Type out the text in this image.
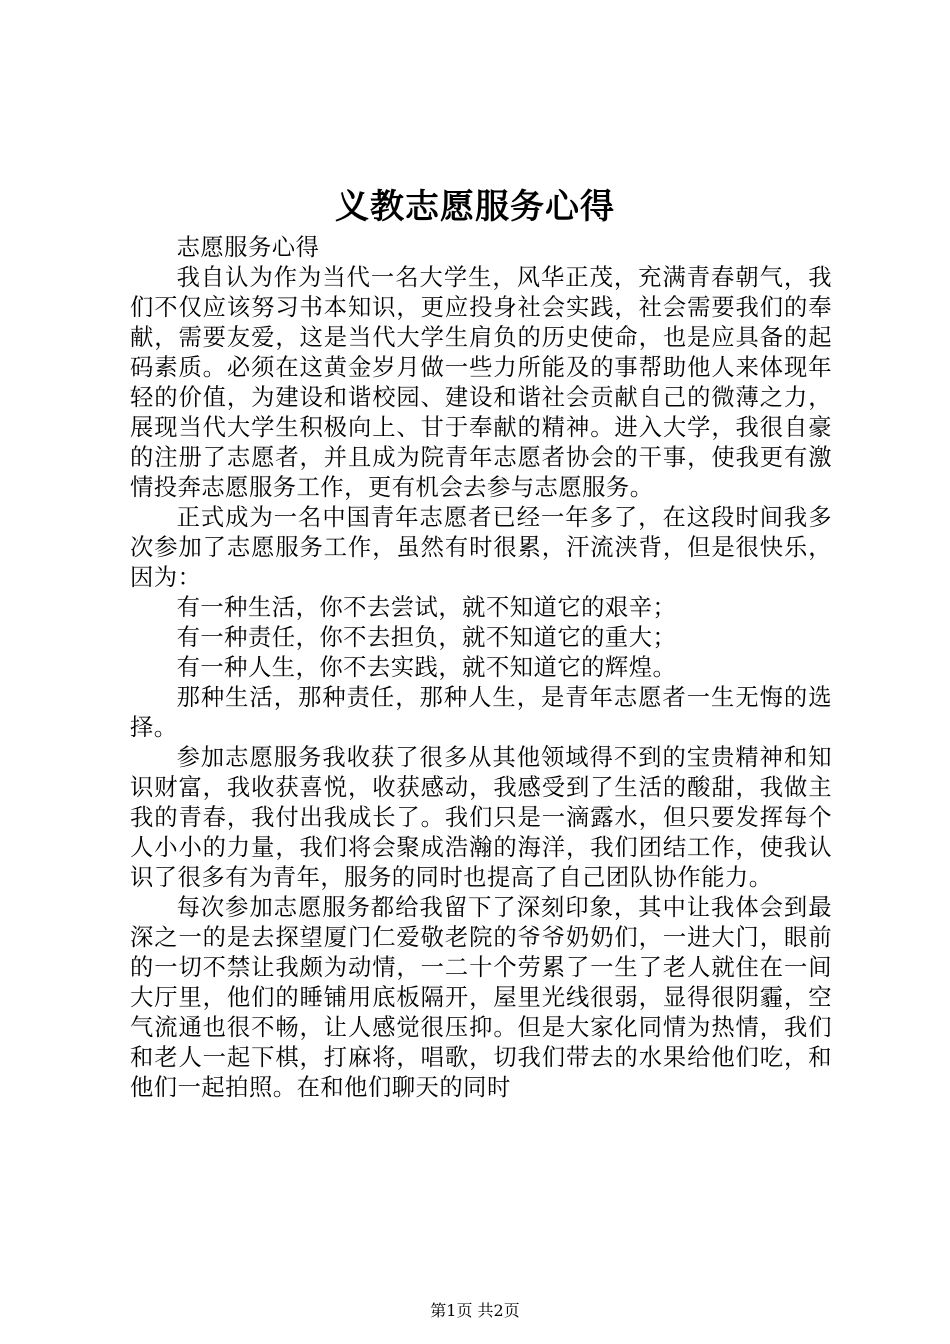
义教志愿服务心得

志愿服务心得

我自认为作为当代一名大学生，风华正茂，充满青春朝气，我们不仅应该努习书本知识，更应投身社会实践，社会需要我们的奉献，需要友爱，这是当代大学生肩负的历史使命，也是应具备的起码素质。必须在这黄金岁月做一些力所能及的事帮助他人来体现年轻的价值，为建设和谐校园、建设和谐社会贡献自己的微薄之力，展现当代大学生积极向上、甘于奉献的精神。进入大学，我很自豪的注册了志愿者，并且成为院青年志愿者协会的干事，使我更有激情投奔志愿服务工作，更有机会去参与志愿服务。

正式成为一名中国青年志愿者已经一年多了，在这段时间我多次参加了志愿服务工作，虽然有时很累，汗流浃背，但是很快乐，因为：

有一种生活，你不去尝试，就不知道它的艰辛；

有一种责任，你不去担负，就不知道它的重大；

有一种人生，你不去实践，就不知道它的辉煌。

那种生活，那种责任，那种人生，是青年志愿者一生无悔的选择。

参加志愿服务我收获了很多从其他领域得不到的宝贵精神和知识财富，我收获喜悦，收获感动，我感受到了生活的酸甜，我做主我的青春，我付出我成长了。我们只是一滴露水，但只要发挥每个人小小的力量，我们将会聚成浩瀚的海洋，我们团结工作，使我认识了很多有为青年，服务的同时也提高了自己团队协作能力。

每次参加志愿服务都给我留下了深刻印象，其中让我体会到最深之一的是去探望厦门仁爱敬老院的爷爷奶奶们，一进大门，眼前的一切不禁让我颇为动情，一二十个劳累了一生了老人就住在一间大厅里，他们的睡铺用底板隔开，屋里光线很弱，显得很阴霾，空气流通也很不畅，让人感觉很压抑。但是大家化同情为热情，我们和老人一起下棋，打麻将，唱歌，切我们带去的水果给他们吃，和他们一起拍照。在和他们聊天的同时

第1页 共2页
